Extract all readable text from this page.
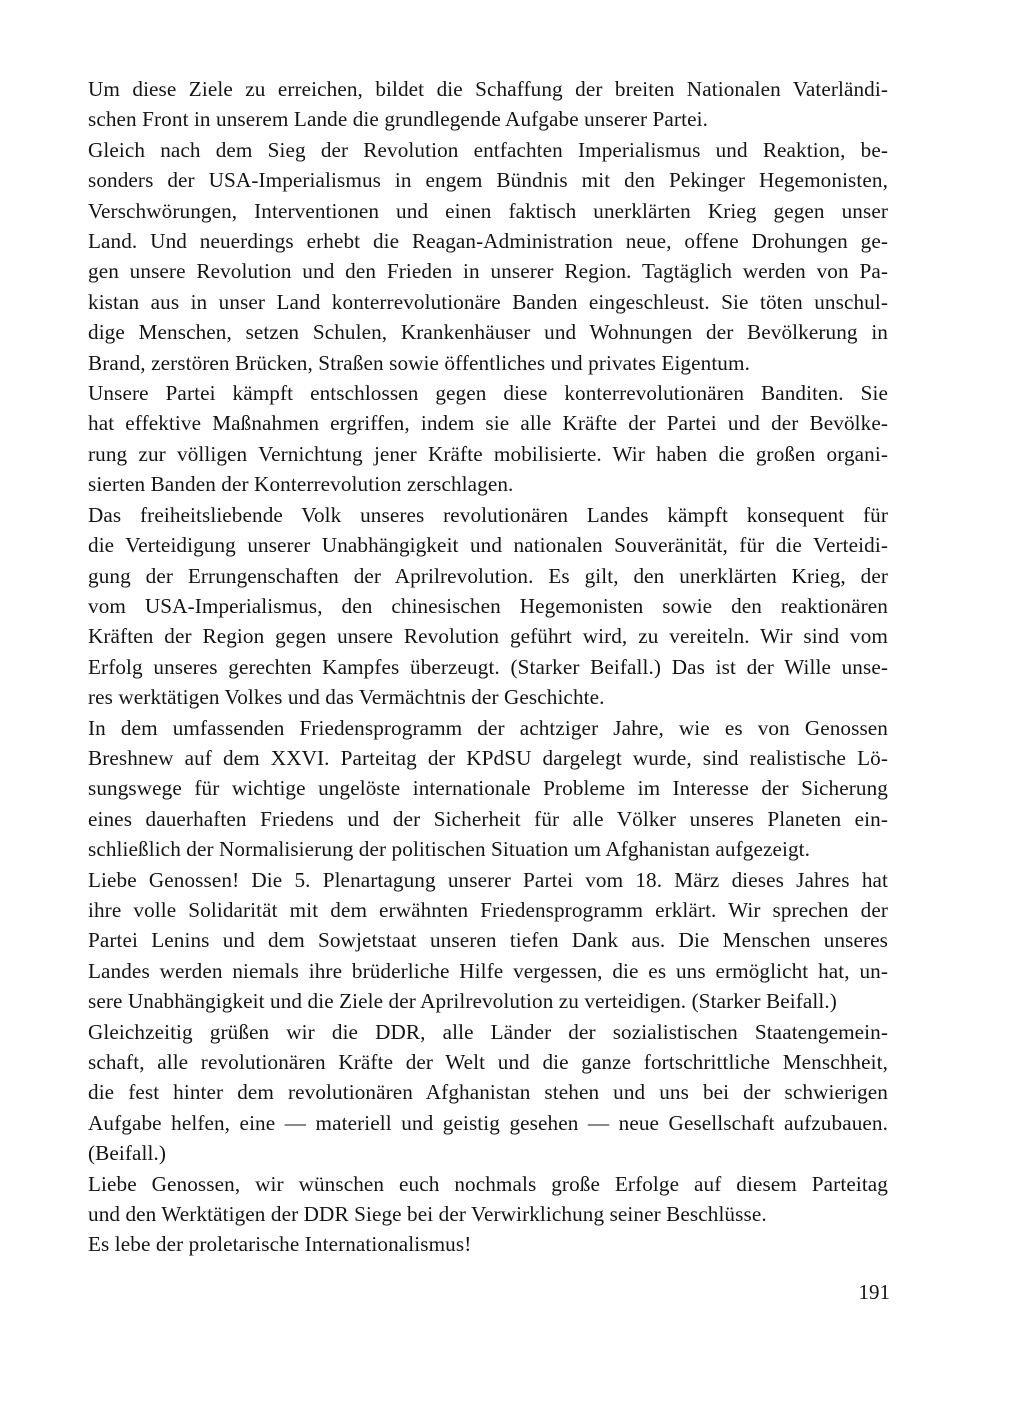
Um diese Ziele zu erreichen, bildet die Schaffung der breiten Nationalen Vaterländi-
schen Front in unserem Lande die grundlegende Aufgabe unserer Partei.

Gleich nach dem Sieg der Revolution entfachten Imperialismus und Reaktion, be-
sonders der USA-Imperialismus in engem Bündnis mit den Pekinger Hegemonisten,
Verschwörungen, Interventionen und einen faktisch unerklärten Krieg gegen unser
Land. Und neuerdings erhebt die Reagan-Administration neue, offene Drohungen ge-
gen unsere Revolution und den Frieden in unserer Region. Tagtäglich werden von Pa-
kistan aus in unser Land konterrevolutionäre Banden eingeschleust. Sie töten unschul-
dige Menschen, setzen Schulen, Krankenhäuser und Wohnungen der Bevölkerung in
Brand, zerstören Brücken, Straßen sowie öffentliches und privates Eigentum.

Unsere Partei kämpft entschlossen gegen diese konterrevolutionären Banditen. Sie
hat effektive Maßnahmen ergriffen, indem sie alle Kräfte der Partei und der Bevölke-
rung zur völligen Vernichtung jener Kräfte mobilisierte. Wir haben die großen organi-
sierten Banden der Konterrevolution zerschlagen.

Das freiheitsliebende Volk unseres revolutionären Landes kämpft konsequent für
die Verteidigung unserer Unabhängigkeit und nationalen Souveränität, für die Verteidi-
gung der Errungenschaften der Aprilrevolution. Es gilt, den unerklärten Krieg, der
vom USA-Imperialismus, den chinesischen Hegemonisten sowie den reaktionären
Kräften der Region gegen unsere Revolution geführt wird, zu vereiteln. Wir sind vom
Erfolg unseres gerechten Kampfes überzeugt. (Starker Beifall.) Das ist der Wille unse-
res werktätigen Volkes und das Vermächtnis der Geschichte.

In dem umfassenden Friedensprogramm der achtziger Jahre, wie es von Genossen
Breshnew auf dem XXVI. Parteitag der KPdSU dargelegt wurde, sind realistische Lö-
sungswege für wichtige ungelöste internationale Probleme im Interesse der Sicherung
eines dauerhaften Friedens und der Sicherheit für alle Völker unseres Planeten ein-
schließlich der Normalisierung der politischen Situation um Afghanistan aufgezeigt.

Liebe Genossen! Die 5. Plenartagung unserer Partei vom 18. März dieses Jahres hat
ihre volle Solidarität mit dem erwähnten Friedensprogramm erklärt. Wir sprechen der
Partei Lenins und dem Sowjetstaat unseren tiefen Dank aus. Die Menschen unseres
Landes werden niemals ihre brüderliche Hilfe vergessen, die es uns ermöglicht hat, un-
sere Unabhängigkeit und die Ziele der Aprilrevolution zu verteidigen. (Starker Beifall.)

Gleichzeitig grüßen wir die DDR, alle Länder der sozialistischen Staatengemein-
schaft, alle revolutionären Kräfte der Welt und die ganze fortschrittliche Menschheit,
die fest hinter dem revolutionären Afghanistan stehen und uns bei der schwierigen
Aufgabe helfen, eine — materiell und geistig gesehen — neue Gesellschaft aufzubauen.
(Beifall.)

Liebe Genossen, wir wünschen euch nochmals große Erfolge auf diesem Parteitag
und den Werktätigen der DDR Siege bei der Verwirklichung seiner Beschlüsse.

Es lebe der proletarische Internationalismus!

191
